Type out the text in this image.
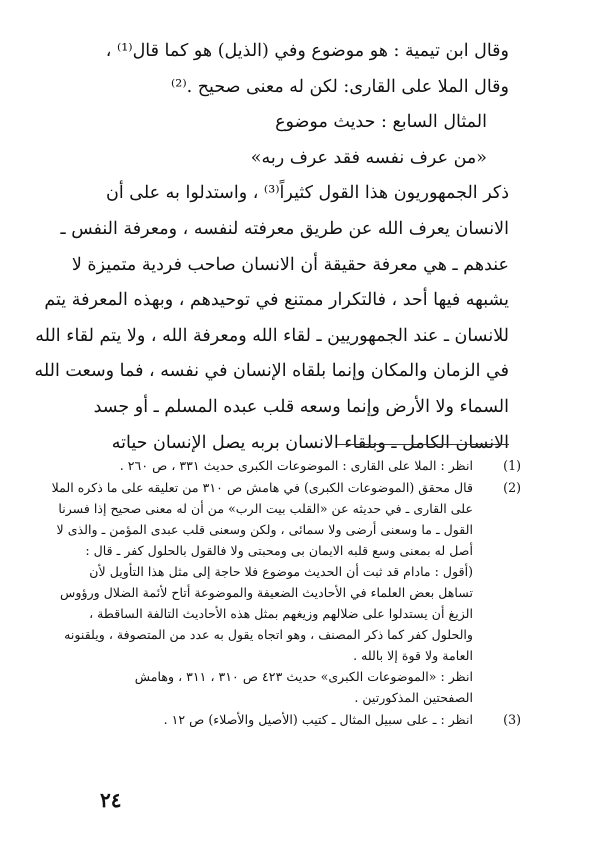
وقال ابن تيمية : هو موضوع وفي (الذيل) هو كما قال⁽¹⁾ ،
وقال الملا على القارى: لكن له معنى صحيح .⁽²⁾
المثال السابع : حديث موضوع
«من عرف نفسه فقد عرف ربه»
ذكر الجمهوريون هذا القول كثيراً⁽³⁾ ، واستدلوا به على أن
الانسان يعرف الله عن طريق معرفته لنفسه ، ومعرفة النفس ـ
عندهم ـ هي معرفة حقيقة أن الانسان صاحب فردية متميزة لا
يشبهه فيها أحد ، فالتكرار ممتنع في توحيدهم ، وبهذه المعرفة يتم
للانسان ـ عند الجمهوريين ـ لقاء الله ومعرفة الله ، ولا يتم لقاء الله
في الزمان والمكان وإنما بلقاه الإنسان في نفسه ، فما وسعت الله
السماء ولا الأرض وإنما وسعه قلب عبده المسلم ـ أو جسد
الانسان الكامل ـ وبلقاء الانسان بربه يصل الإنسان حياته
(1)
انظر : الملا على القارى : الموضوعات الكبرى حديث ٣٣١ ، ص ٢٦٠ .
(2)
قال محقق (الموضوعات الكبرى) في هامش ص ٣١٠ من تعليقه على ما ذكره الملا
على القارى ـ في حديثه عن «القلب بيت الرب» من أن له معنى صحيح إذا فسرنا
القول ـ ما وسعنى أرضى ولا سمائى ، ولكن وسعنى قلب عبدى المؤمن ـ والذى لا
أصل له بمعنى وسع قلبه الايمان بى ومحبتى ولا فالقول بالحلول كفر ـ قال :
(أقول : مادام قد ثبت أن الحديث موضوع فلا حاجة إلى مثل هذا التأويل لأن
تساهل بعض العلماء في الأحاديث الضعيفة والموضوعة أتاح لأئمة الضلال ورؤوس
الزيغ أن يستدلوا على ضلالهم وزيغهم بمثل هذه الأحاديث التالفة الساقطة ،
والحلول كفر كما ذكر المصنف ، وهو اتجاه يقول به عدد من المتصوفة ، ويلقنونه
العامة ولا قوة إلا بالله .
انظر : «الموضوعات الكبرى» حديث ٤٢٣ ص ٣١٠ ، ٣١١ ، وهامش
الصفحتين المذكورتين .
(3)
انظر : ـ على سبيل المثال ـ كتيب (الأصيل والأصلاء) ص ١٢ .
٢٤
